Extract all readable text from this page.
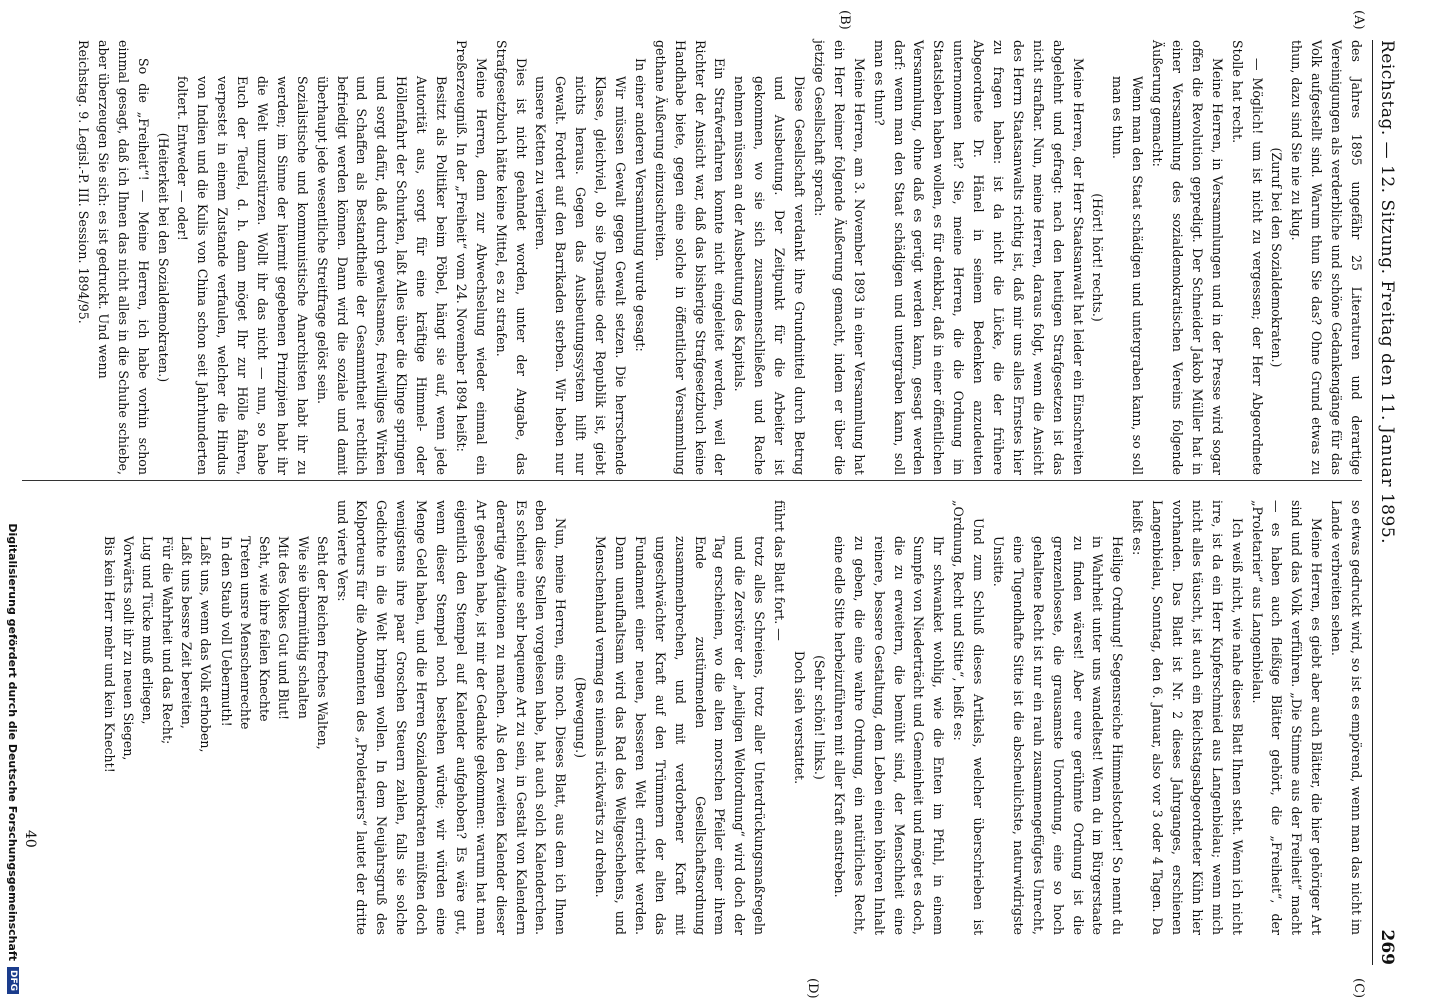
Reichstag. — 12. Sitzung. Freitag den 11. Januar 1895.
269
(A)
(B)
(C)
(D)

des Jahres 1895 ungefähr 25 Literaturen und derartige Vereinigungen als verderbliche und schöne Gedankengänge für das Volk aufgestellt sind. Warum thun Sie das? Ohne Grund etwas zu thun, dazu sind Sie nie zu klug.

(Zuruf bei den Sozialdemokraten.)

— Möglich! um ist nicht zu vergessen; der Herr Abgeordnete Stolle hat recht.

Meine Herren, in Versammlungen und in der Presse wird sogar offen die Revolution gepredigt. Der Schneider Jakob Müller hat in einer Versammlung des sozialdemokratischen Vereins folgende Äußerung gemacht:

Wenn man den Staat schädigen und untergraben kann, so soll man es thun.

(Hört! hört! rechts.)

Meine Herren, der Herr Staatsanwalt hat leider ein Einschreiten abgelehnt und gefragt: nach den heutigen Strafgesetzen ist das nicht strafbar. Nun, meine Herren, daraus folgt, wenn die Ansicht des Herrn Staatsanwalts richtig ist, daß mir uns alles Ernstes hier zu fragen haben: ist da nicht die Lücke, die der frühere Abgeordnete Dr. Hänel in seinem Bedenken anzudeuten unternommen hat? Sie, meine Herren, die die Ordnung im Staatsleben haben wollen, es für denkbar, daß in einer öffentlichen Versammlung, ohne daß es gerügt werden kann, gesagt werden darf: wenn man den Staat schädigen und untergraben kann, soll man es thun?

Meine Herren, am 3. November 1893 in einer Versammlung hat ein Herr Reimer folgende Äußerung gemacht, indem er über die jetzige Gesellschaft sprach:

Diese Gesellschaft verdankt ihre Grundmittel durch Betrug und Ausbeutung. Der Zeitpunkt für die Arbeiter ist gekommen, wo sie sich zusammenschließen und Rache nehmen müssen an der Ausbeutung des Kapitals.

Ein Strafverfahren konnte nicht eingeleitet werden, weil der Richter der Ansicht war, daß das bisherige Strafgesetzbuch keine Handhabe biete, gegen eine solche in öffentlicher Versammlung gethane Äußerung einzuschreiten.

In einer anderen Versammlung wurde gesagt:

Wir müssen Gewalt gegen Gewalt setzen. Die herrschende Klasse, gleichviel, ob sie Dynastie oder Republik ist, giebt nichts heraus. Gegen das Ausbeutungssystem hilft nur Gewalt. Fordert auf den Barrikaden sterben. Wir heben nur unsere Ketten zu verlieren.

Dies ist nicht geahndet worden, unter der Angabe, das Strafgesetzbuch hätte keine Mittel, es zu strafen.

Meine Herren, denn zur Abwechselung wieder einmal ein Preßerzeugniß. In der „Freiheit“ vom 24. November 1894 heißt:

Besitzt als Politiker beim Pöbel, hängt sie auf, wenn jede Autorität aus, sorgt für eine kräftige Himmel- oder Höllenfahrt der Schurken, laßt Alles über die Klinge springen und sorgt dafür, daß durch gewaltsames, freiwilliges Wirken und Schaffen als Bestandtheile der Gesammtheit rechtlich befriedigt werden können. Dann wird die soziale und damit überhaupt jede wesentliche Streitfrage gelöst sein.

Sozialistische und kommunistische Anarchisten habt ihr zu werden; im Sinne der hiermit gegebenen Prinzipien habt ihr die Welt umzustürzen. Wollt ihr das nicht — nun, so habe Euch der Teufel, d. h. dann möget Ihr zur Hölle fahren, verpestet in einem Zustande verfaulen, welcher die Hindus von Indien und die Kulis von China schon seit Jahrhunderten foltert. Entweder — oder!

(Heiterkeit bei den Sozialdemokraten.)

So die „Freiheit“! — Meine Herren, ich habe vorhin schon einmal gesagt, daß ich Ihnen das nicht alles in die Schuhe schiebe, aber überzeugen Sie sich: es ist gedruckt. Und wenn

Reichstag. 9. Legisl.-P. III. Session. 1894/95.

so etwas gedruckt wird, so ist es empörend, wenn man das nicht im Lande verbreiten sehen.

Meine Herren, es giebt aber auch Blätter, die hier gehöriger Art sind und das Volk verführen. „Die Stimme aus der Freiheit“ macht — es haben auch fleißige Blätter gehört, die „Freiheit“, der „Proletarier“ aus Langenbielau.

Ich weiß nicht, wie nahe dieses Blatt Ihnen steht. Wenn ich nicht irre, ist da ein Herr Kupferschmied aus Langenbielau; wenn mich nicht alles täuscht, ist auch ein Reichstagsabgeordneter Kühn hier vorhanden. Das Blatt ist Nr. 2 dieses Jahrganges, erschienen Langenbielau, Sonntag, den 6. Januar, also vor 3 oder 4 Tagen. Da heißt es:

Heilige Ordnung! Segensreiche Himmelstochter! So nennt du in Wahrheit unter uns wandeltest! Wenn du im Bürgerstaate zu finden wärest! Aber eure gerühmte Ordnung ist die grenzenloseste, die grausamste Unordnung, eine so hoch gehaltene Recht ist nur ein rauh zusammengefügtes Unrecht, eine Tugendhafte Sitte ist die abscheulichste, naturwidrigste Unsitte.

Und zum Schluß dieses Artikels, welcher überschrieben ist „Ordnung, Recht und Sitte“, heißt es:

Ihr schwanket wohlig, wie die Enten im Pfuhl, in einem Sumpfe von Niederträcht und Gemeinheit und möget es doch, die zu erweitern, die bemüht sind, der Menschheit eine reinere, bessere Gestaltung, dem Leben einen höheren Inhalt zu geben, die eine wahre Ordnung, ein natürliches Recht, eine edle Sitte herbeizuführen mit aller Kraft anstreben.

(Sehr schön! links.)

Doch sieh verstattet.

führt das Blatt fort. —

trotz alles Schreiens, trotz aller Unterdrückungsmaßregeln und die Zerstörer der „heiligen Weltordnung“ wird doch der Tag erscheinen, wo die alten morschen Pfeiler einer ihrem Ende zustürmenden Gesellschaftsordnung zusammenbrechen, und mit verdorbener Kraft mit ungeschwächter Kraft auf den Trümmern der alten das Fundament einer neuen, besseren Welt errichtet werden. Dann unaufhaltsam wird das Rad des Weltgeschehens, und Menschenhand vermag es niemals rückwärts zu drehen.

(Bewegung.)

Nun, meine Herren, eins noch. Dieses Blatt, aus dem ich Ihnen eben diese Stellen vorgelesen habe, hat auch solch Kalenderchen. Es scheint eine sehr bequeme Art zu sein, in Gestalt von Kalendern derartige Agitationen zu machen. Als den zweiten Kalender dieser Art gesehen habe, ist mir der Gedanke gekommen: warum hat man eigentlich den Stempel auf Kalender aufgehoben? Es wäre gut, wenn dieser Stempel noch bestehen würde; wir würden eine Menge Geld haben, und die Herren Sozialdemokraten müßten doch wenigstens ihre paar Groschen Steuern zahlen, falls sie solche Gedichte in die Welt bringen wollen. In dem Neujahrsgruß des Kolporteurs für die Abonnenten des „Proletariers“ lautet der dritte und vierte Vers:

Seht der Reichen freches Walten,
Wie sie übermüthig schalten
Mit des Volkes Gut und Blut!
Seht, wie ihre feilen Knechte
Treten unsre Menschenrechte
In den Staub voll Uebermuth!

Laßt uns, wenn das Volk erhoben,
Laßt uns bessre Zeit bereiten,
Für die Wahrheit und das Recht;
Lug und Tücke muß erliegen,
Vorwärts sollt ihr zu neuen Siegen,
Bis kein Herr mehr und kein Knecht!

40
Digitalisierung gefördert durch die Deutsche Forschungsgemeinschaft
DFG
